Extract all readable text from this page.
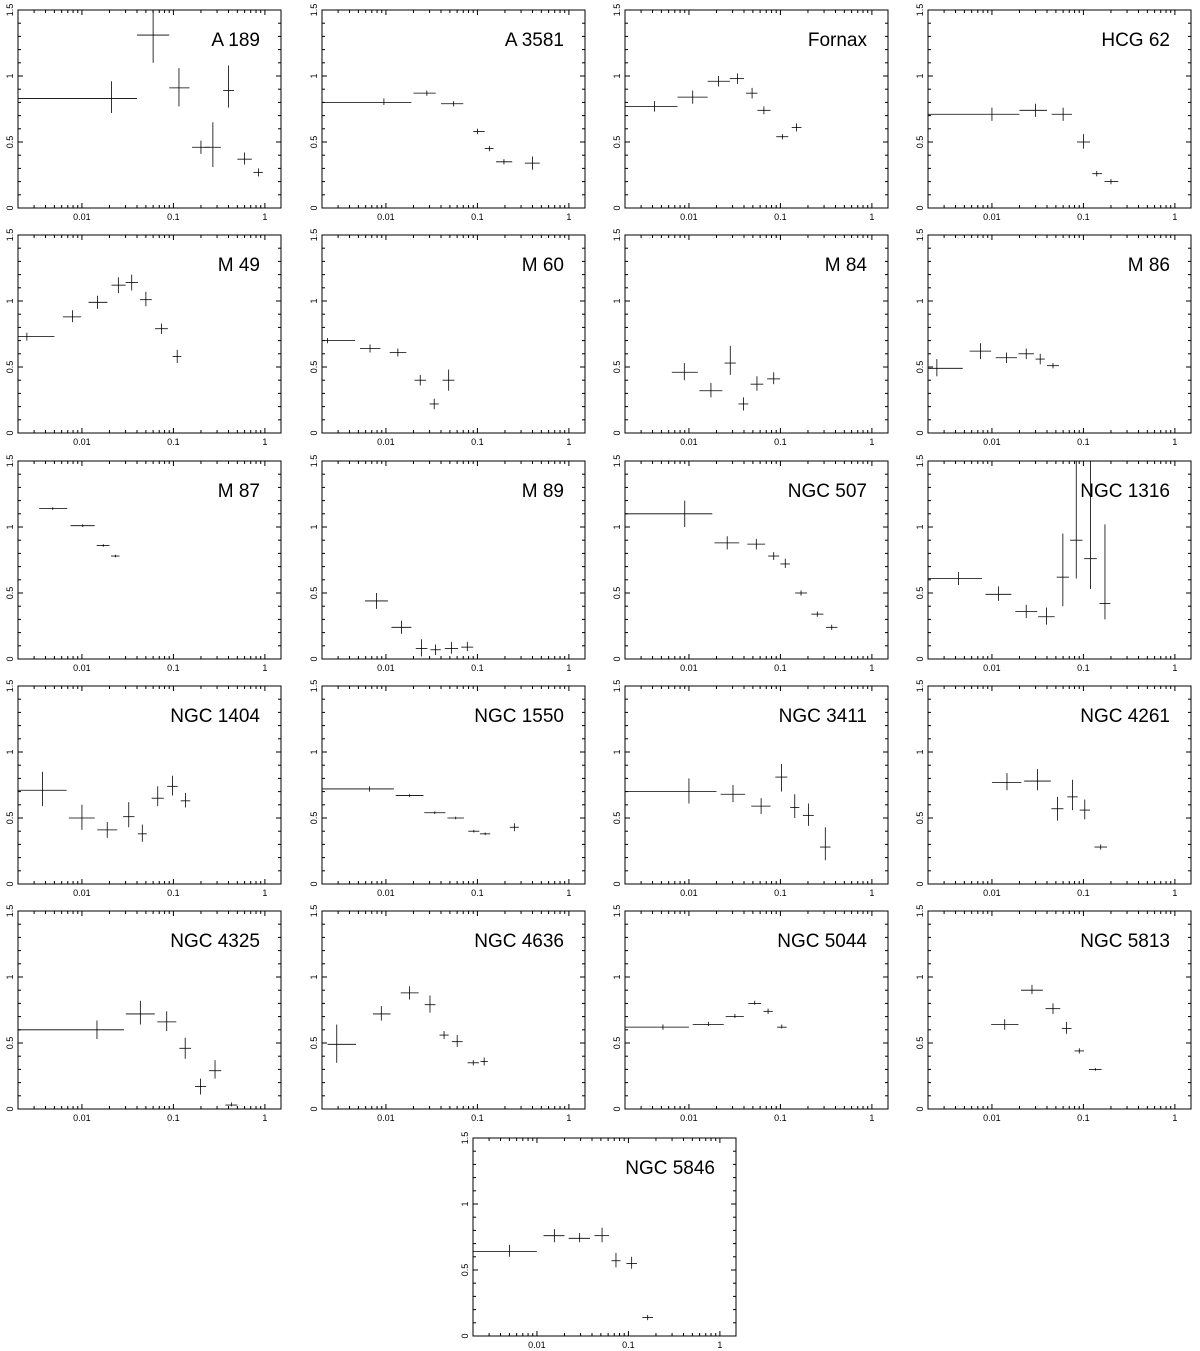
0.01	0.1	1
0
0.5
1
1.5
A 189
0.01	0.1	1
0
0.5
1
1.5
A 3581
0.01	0.1	1
0
0.5
1
1.5
Fornax
0.01	0.1	1
0
0.5
1
1.5
HCG 62
0.01	0.1	1
0
0.5
1
1.5
M 49
0.01	0.1	1
0
0.5
1
1.5
M 60
0.01	0.1	1
0
0.5
1
1.5
M 84
0.01	0.1	1
0
0.5
1
1.5
M 86
0.01	0.1	1
0
0.5
1
1.5
M 87
0.01	0.1	1
0
0.5
1
1.5
M 89
0.01	0.1	1
0
0.5
1
1.5
NGC 507
0.01	0.1	1
0
0.5
1
1.5
NGC 1316
0.01	0.1	1
0
0.5
1
1.5
NGC 1404
0.01	0.1	1
0
0.5
1
1.5
NGC 1550
0.01	0.1	1
0
0.5
1
1.5
NGC 3411
0.01	0.1	1
0
0.5
1
1.5
NGC 4261
0.01	0.1	1
0
0.5
1
1.5
NGC 4325
0.01	0.1	1
0
0.5
1
1.5
NGC 4636
0.01	0.1	1
0
0.5
1
1.5
NGC 5044
0.01	0.1	1
0
0.5
1
1.5
NGC 5813
0.01	0.1	1
0
0.5
1
1.5
NGC 5846
